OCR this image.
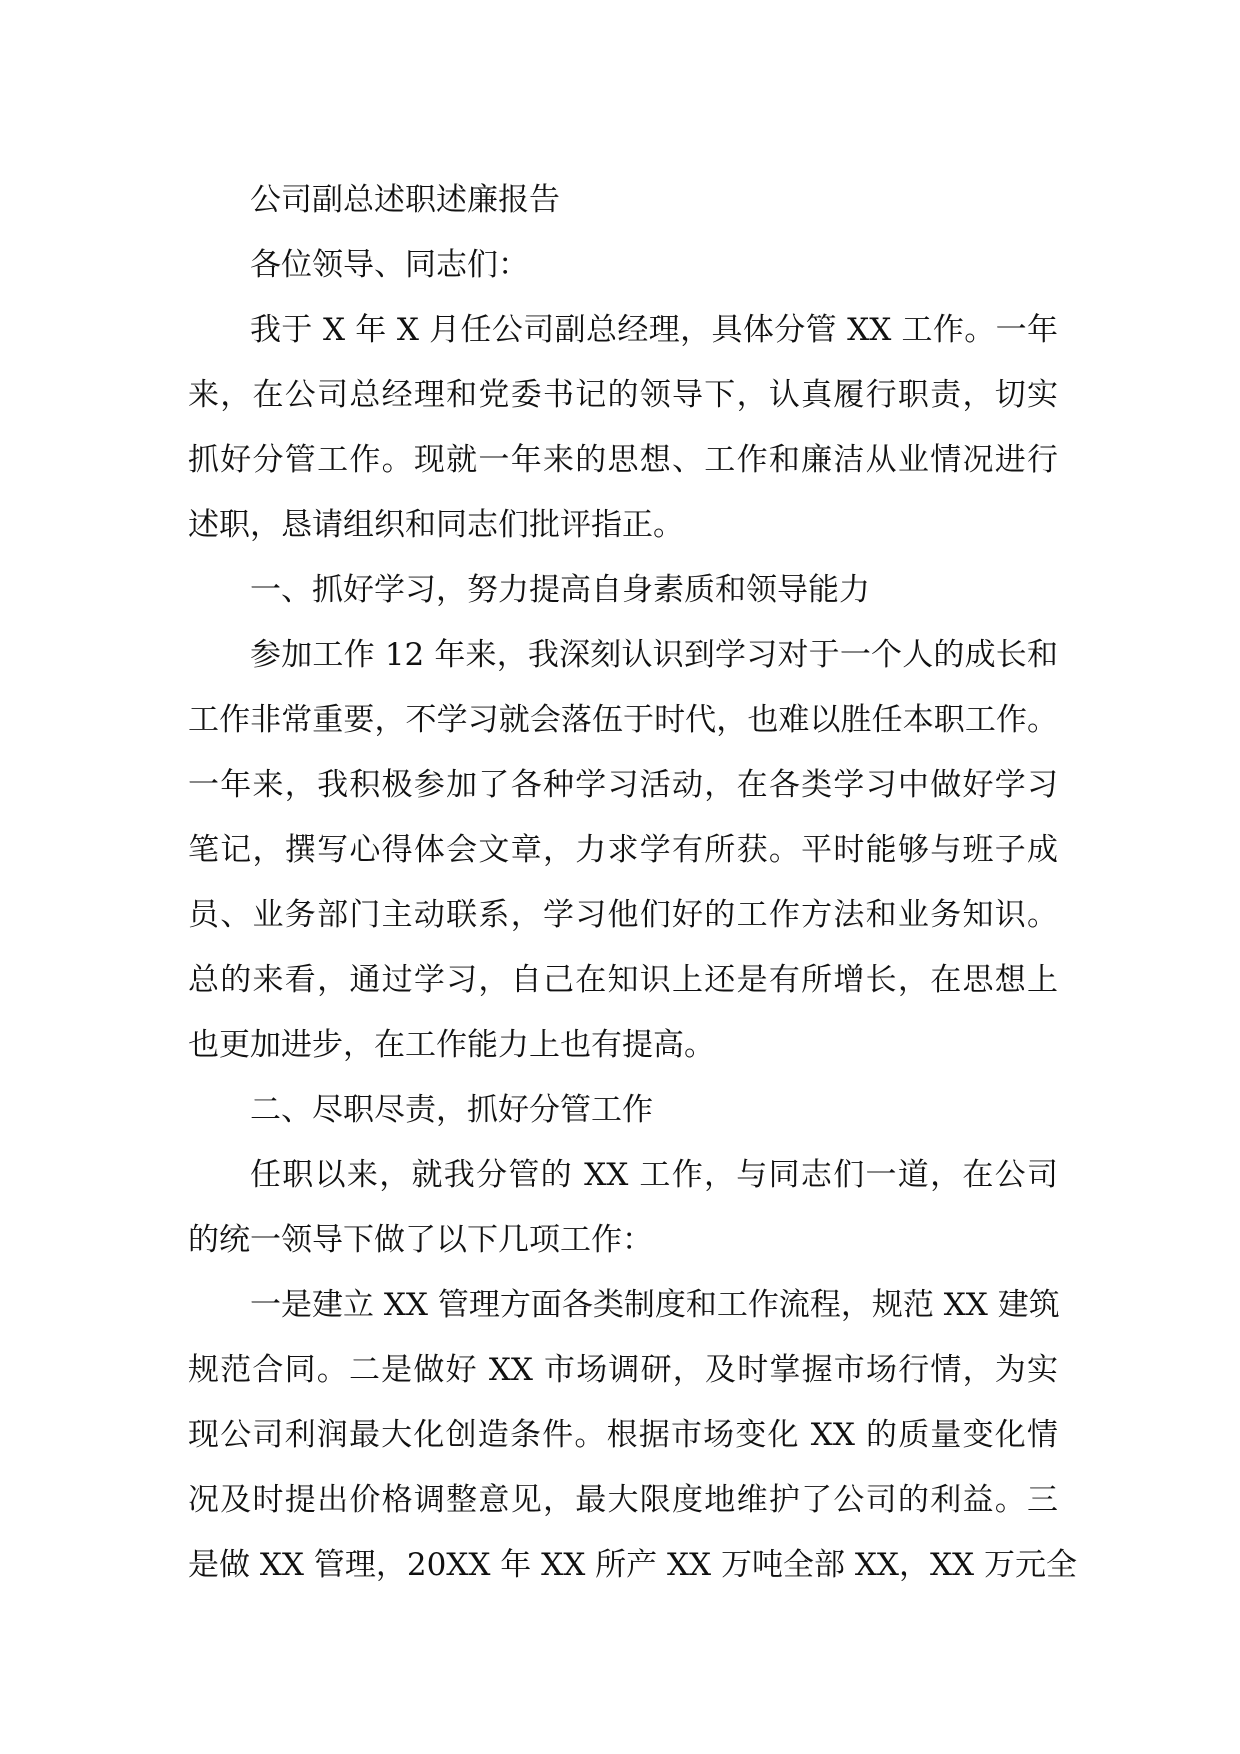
公司副总述职述廉报告
各位领导、同志们：
我于 X 年 X 月任公司副总经理，具体分管 XX 工作。一年
来，在公司总经理和党委书记的领导下，认真履行职责，切实
抓好分管工作。现就一年来的思想、工作和廉洁从业情况进行
述职，恳请组织和同志们批评指正。
一、抓好学习，努力提高自身素质和领导能力
参加工作 12 年来，我深刻认识到学习对于一个人的成长和
工作非常重要，不学习就会落伍于时代，也难以胜任本职工作。
一年来，我积极参加了各种学习活动，在各类学习中做好学习
笔记，撰写心得体会文章，力求学有所获。平时能够与班子成
员、业务部门主动联系，学习他们好的工作方法和业务知识。
总的来看，通过学习，自己在知识上还是有所增长，在思想上
也更加进步，在工作能力上也有提高。
二、尽职尽责，抓好分管工作
任职以来，就我分管的 XX 工作，与同志们一道，在公司
的统一领导下做了以下几项工作：
一是建立 XX 管理方面各类制度和工作流程，规范 XX 建筑
规范合同。二是做好 XX 市场调研，及时掌握市场行情，为实
现公司利润最大化创造条件。根据市场变化 XX 的质量变化情
况及时提出价格调整意见，最大限度地维护了公司的利益。三
是做 XX 管理，20XX 年 XX 所产 XX 万吨全部 XX，XX 万元全
